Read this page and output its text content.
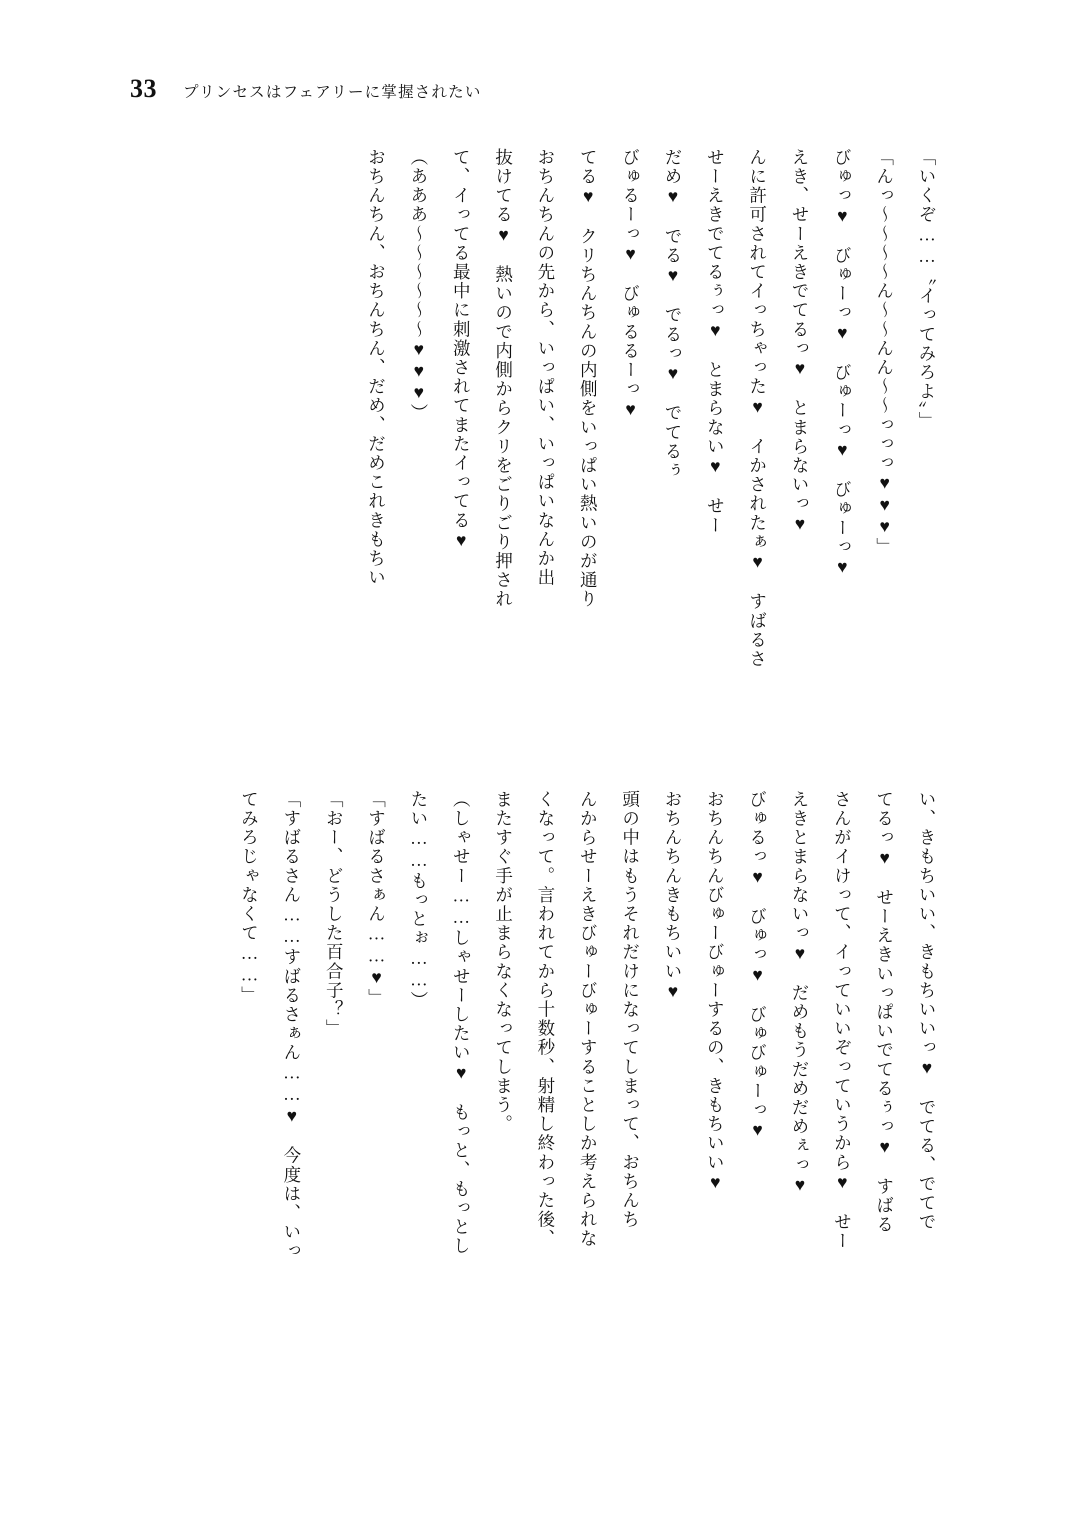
33 プリンセスはフェアリーに掌握されたい

「いくぞ……〝イってみろよ〟」

「んっ～～～～ん～～んん～～っっっ♥♥♥」

びゅっ♥　びゅーっ♥　びゅーっ♥　びゅーっ♥

えき、せーえきでてるっ♥　とまらないっ♥

んに許可されてイっちゃった♥　イかされたぁ♥　すばるさ

せーえきでてるぅっ♥　とまらない♥　せー

だめ♥　でる♥　でるっ♥　でてるぅ

びゅるーっ♥　びゅるるーっ♥

てる♥　クリちんちんの内側をいっぱい熱いのが通り

おちんちんの先から、いっぱい、いっぱいなんか出

抜けてる♥　熱いので内側からクリをごりごり押され

て、イってる最中に刺激されてまたイってる♥

（あああ～～～～～～♥♥♥）

おちんちん、おちんちん、だめ、だめこれきもちい

い、きもちいい、きもちいいっ♥　でてる、でてで

てるっ♥　せーえきいっぱいでてるぅっ♥　すばる

さんがイけって、イっていいぞっていうから♥　せー

えきとまらないっ♥　だめもうだめだめぇっ♥

びゅるっ♥　びゅっ♥　びゅびゅーっ♥

おちんちんびゅーびゅーするの、きもちいい♥

おちんちんきもちいい♥

頭の中はもうそれだけになってしまって、おちんち

んからせーえきびゅーびゅーすることしか考えられな

くなって。言われてから十数秒、射精し終わった後、

またすぐ手が止まらなくなってしまう。

（しゃせー……しゃせーしたい♥　もっと、もっとし

たい……もっとぉ……）

「すばるさぁん……♥」

「おー、どうした百合子？」

「すばるさん……すばるさぁん……♥　今度は、いっ

てみろじゃなくて……」
